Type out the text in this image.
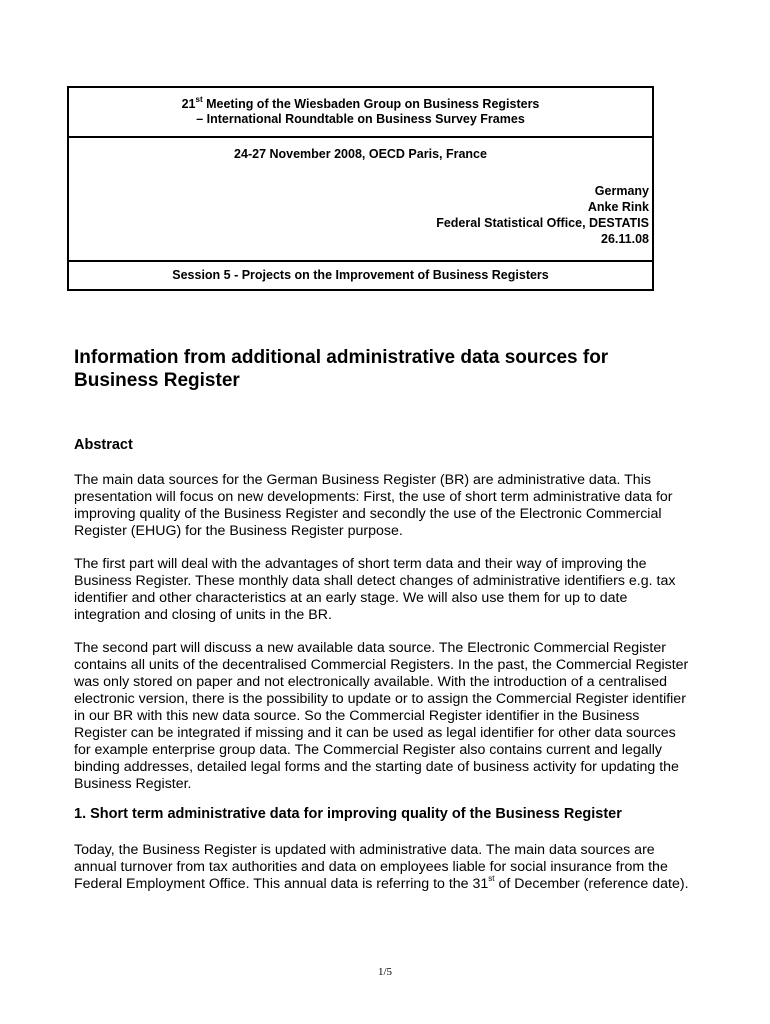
21st Meeting of the Wiesbaden Group on Business Registers
– International Roundtable on Business Survey Frames
24-27 November 2008, OECD Paris, France
Germany
Anke Rink
Federal Statistical Office, DESTATIS
26.11.08
Session 5 - Projects on the Improvement of Business Registers
Information from additional administrative data sources for Business Register
Abstract
The main data sources for the German Business Register (BR) are administrative data. This presentation will focus on new developments: First, the use of short term administrative data for improving quality of the Business Register and secondly the use of the Electronic Commercial Register (EHUG) for the Business Register purpose.
The first part will deal with the advantages of short term data and their way of improving the Business Register. These monthly data shall detect changes of administrative identifiers e.g. tax identifier and other characteristics at an early stage. We will also use them for up to date integration and closing of units in the BR.
The second part will discuss a new available data source. The Electronic Commercial Register contains all units of the decentralised Commercial Registers. In the past, the Commercial Register was only stored on paper and not electronically available. With the introduction of a centralised electronic version, there is the possibility to update or to assign the Commercial Register identifier in our BR with this new data source. So the Commercial Register identifier in the Business Register can be integrated if missing and it can be used as legal identifier for other data sources for example enterprise group data. The Commercial Register also contains current and legally binding addresses, detailed legal forms and the starting date of business activity for updating the Business Register.
1. Short term administrative data for improving quality of the Business Register
Today, the Business Register is updated with administrative data. The main data sources are annual turnover from tax authorities and data on employees liable for social insurance from the Federal Employment Office. This annual data is referring to the 31st of December (reference date).
1/5
